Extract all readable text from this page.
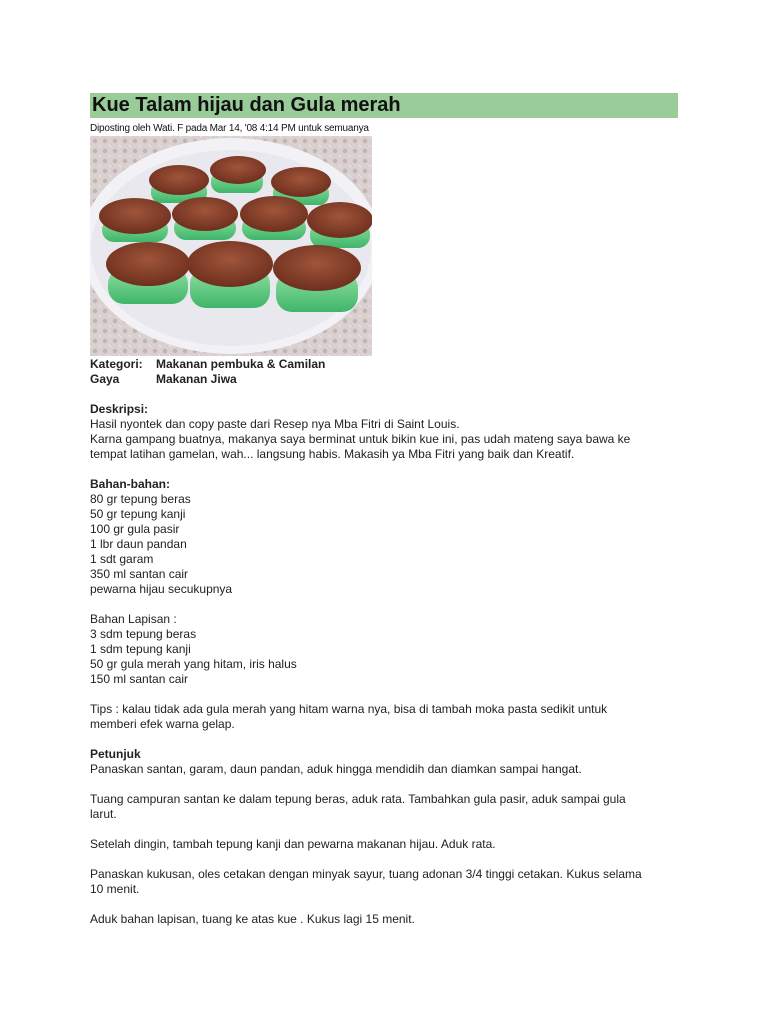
Kue Talam hijau dan Gula merah
Diposting oleh Wati. F pada Mar 14, '08 4:14 PM untuk semuanya
Kategori:	Makanan pembuka & Camilan
Gaya	Makanan Jiwa

Deskripsi:

Hasil nyontek dan copy paste dari Resep nya Mba Fitri di Saint Louis.

Karna gampang buatnya, makanya saya berminat untuk bikin kue ini, pas udah mateng saya bawa ke

tempat latihan gamelan, wah... langsung habis. Makasih ya Mba Fitri yang baik dan Kreatif.

Bahan-bahan:

80 gr tepung beras

50 gr tepung kanji

100 gr gula pasir

1 lbr daun pandan

1 sdt garam

350 ml santan cair

pewarna hijau secukupnya

Bahan Lapisan :

3 sdm tepung beras

1 sdm tepung kanji

50 gr gula merah yang hitam, iris halus

150 ml santan cair

Tips : kalau tidak ada gula merah yang hitam warna nya, bisa di tambah moka pasta sedikit untuk

memberi efek warna gelap.

Petunjuk

Panaskan santan, garam, daun pandan, aduk hingga mendidih dan diamkan sampai hangat.

Tuang campuran santan ke dalam tepung beras, aduk rata. Tambahkan gula pasir, aduk sampai gula

larut.

Setelah dingin, tambah tepung kanji dan pewarna makanan hijau. Aduk rata.

Panaskan kukusan, oles cetakan dengan minyak sayur, tuang adonan 3/4 tinggi cetakan. Kukus selama

10 menit.

Aduk bahan lapisan, tuang ke atas kue . Kukus lagi 15 menit.
